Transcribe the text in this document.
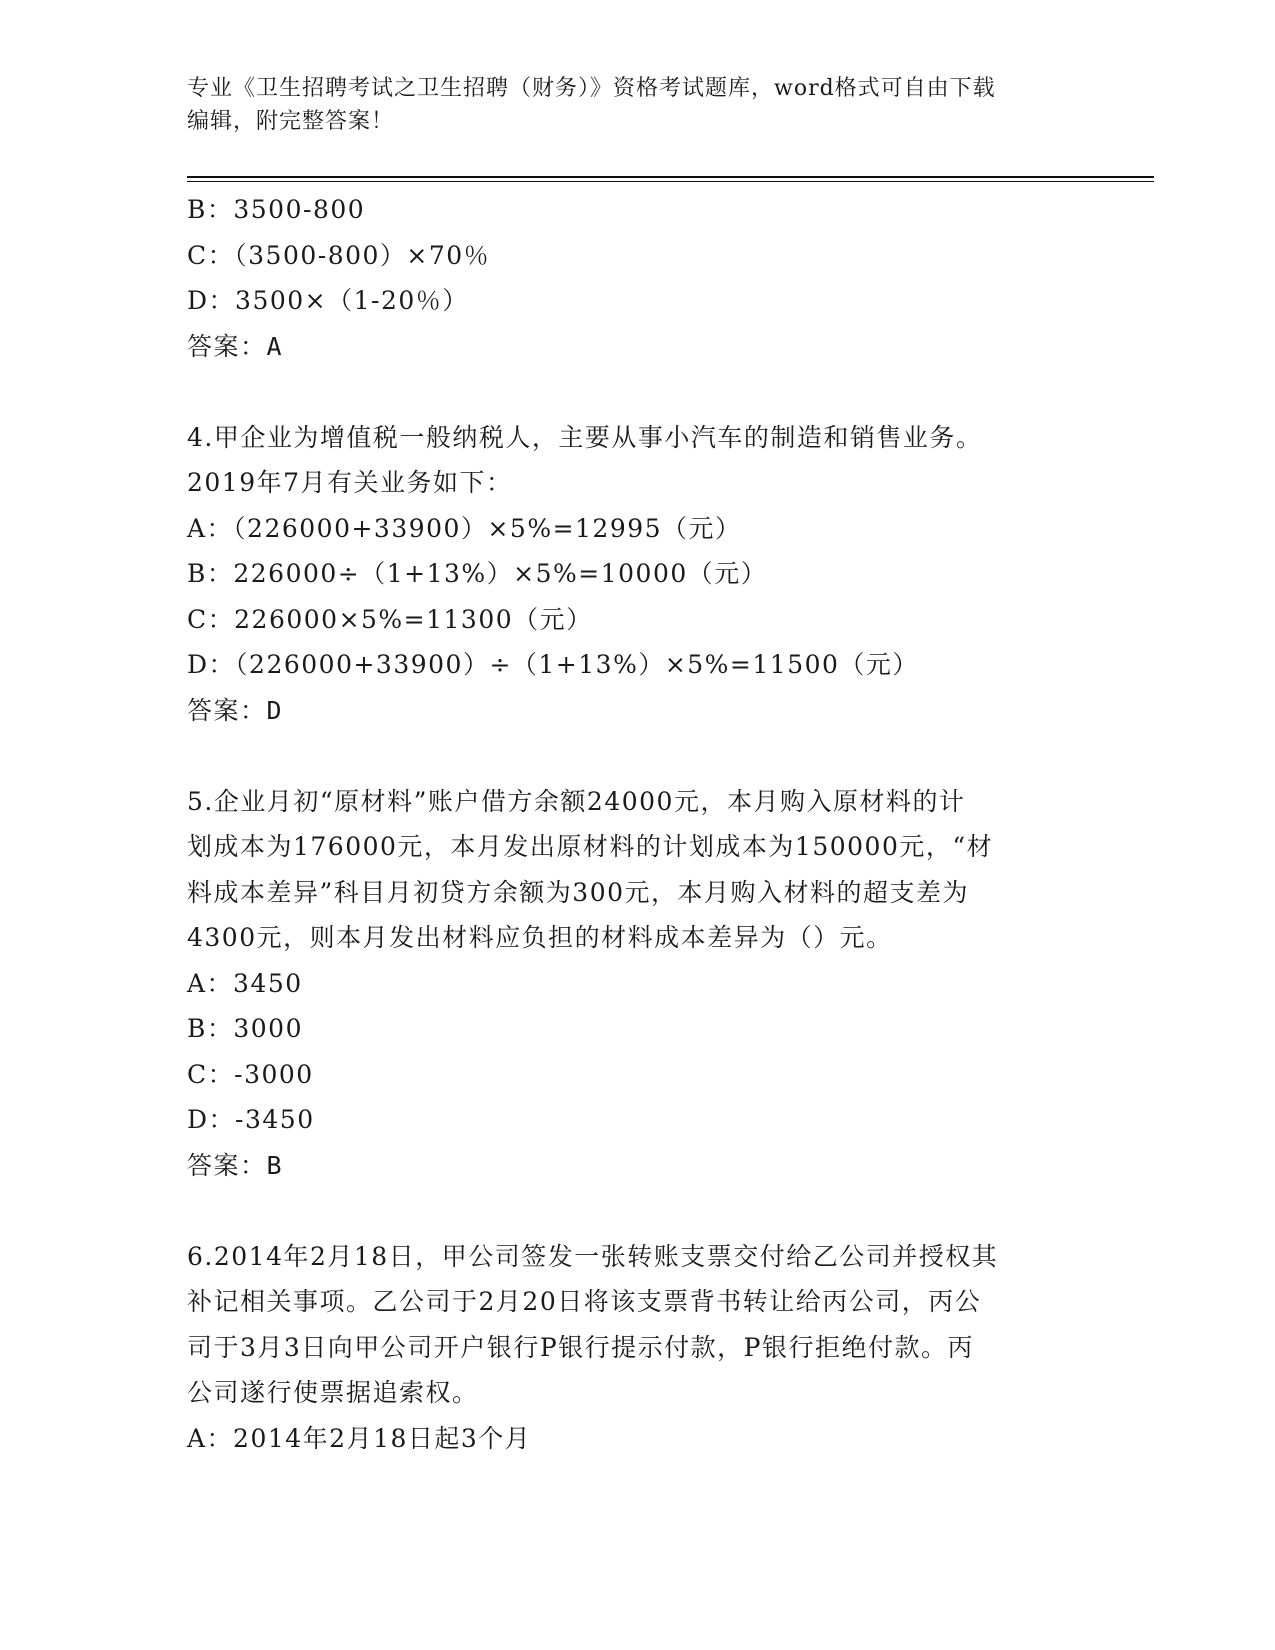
专业《卫生招聘考试之卫生招聘（财务）》资格考试题库，word格式可自由下载
编辑，附完整答案！
B：3500-800
C：（3500-800）×70％
D：3500×（1-20％）
答案：A
4.甲企业为增值税一般纳税人，主要从事小汽车的制造和销售业务。
2019年7月有关业务如下：
A：（226000+33900）×5%=12995（元）
B：226000÷（1+13%）×5%=10000（元）
C：226000×5%=11300（元）
D：（226000+33900）÷（1+13%）×5%=11500（元）
答案：D
5.企业月初“原材料”账户借方余额24000元，本月购入原材料的计
划成本为176000元，本月发出原材料的计划成本为150000元，“材
料成本差异”科目月初贷方余额为300元，本月购入材料的超支差为
4300元，则本月发出材料应负担的材料成本差异为（）元。
A：3450
B：3000
C：-3000
D：-3450
答案：B
6.2014年2月18日，甲公司签发一张转账支票交付给乙公司并授权其
补记相关事项。乙公司于2月20日将该支票背书转让给丙公司，丙公
司于3月3日向甲公司开户银行P银行提示付款，P银行拒绝付款。丙
公司遂行使票据追索权。
A：2014年2月18日起3个月
